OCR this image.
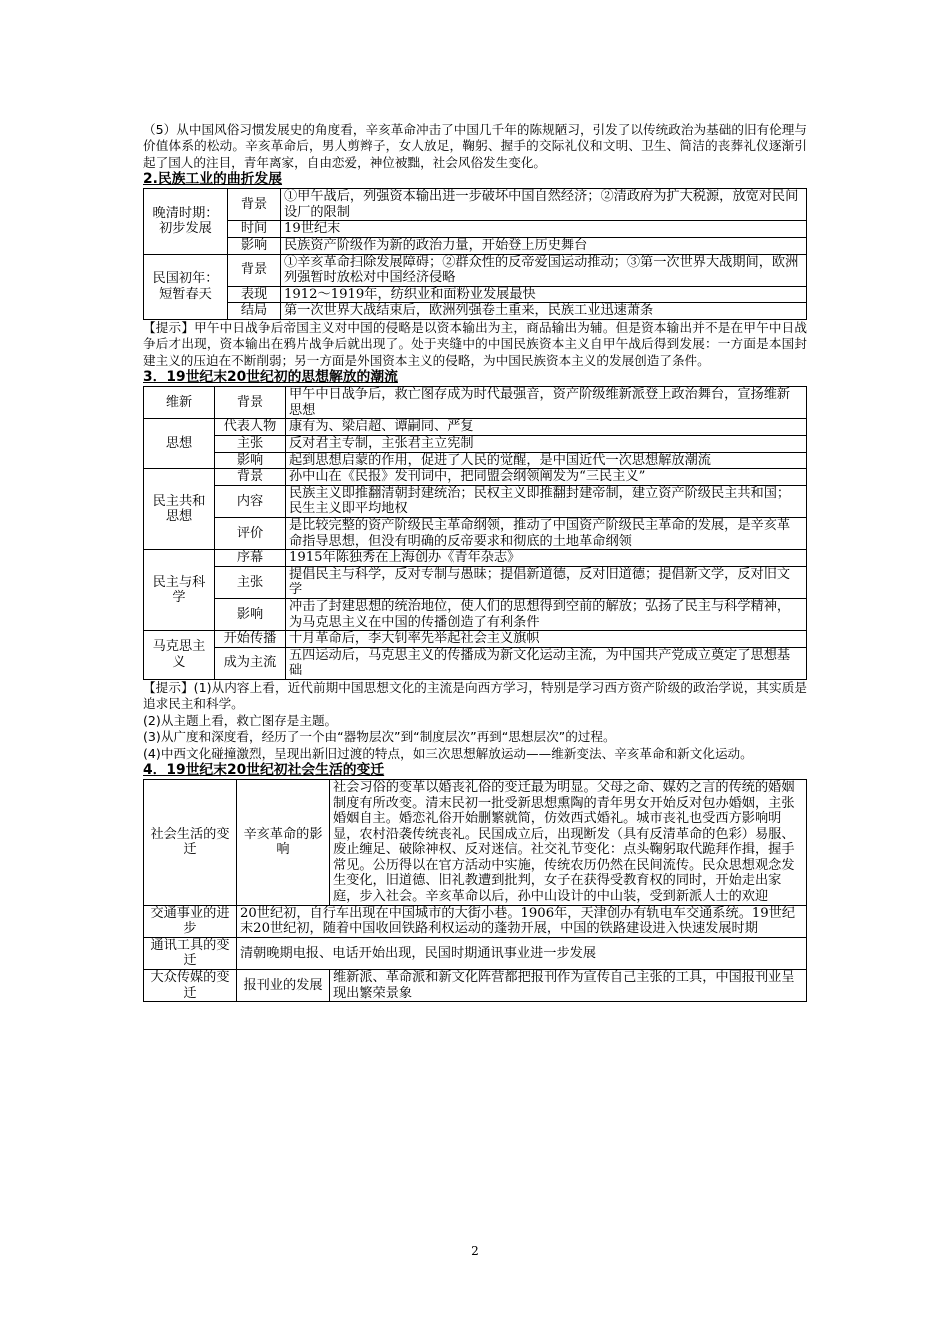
（5）从中国风俗习惯发展史的角度看，辛亥革命冲击了中国几千年的陈规陋习，引发了以传统政治为基础的旧有伦理与价值体系的松动。辛亥革命后，男人剪辫子，女人放足，鞠躬、握手的交际礼仪和文明、卫生、简洁的丧葬礼仪逐渐引起了国人的注目，青年离家，自由恋爱，神位被黜，社会风俗发生变化。

2.民族工业的曲折发展
晚清时期：初步发展	背景	①甲午战后，列强资本输出进一步破坏中国自然经济；②清政府为扩大税源，放宽对民间设厂的限制
	时间	19世纪末
	影响	民族资产阶级作为新的政治力量，开始登上历史舞台
民国初年：短暂春天	背景	①辛亥革命扫除发展障碍；②群众性的反帝爱国运动推动；③第一次世界大战期间，欧洲列强暂时放松对中国经济侵略
	表现	1912～1919年，纺织业和面粉业发展最快
	结局	第一次世界大战结束后，欧洲列强卷土重来，民族工业迅速萧条

【提示】甲午中日战争后帝国主义对中国的侵略是以资本输出为主，商品输出为辅。但是资本输出并不是在甲午中日战争后才出现，资本输出在鸦片战争后就出现了。处于夹缝中的中国民族资本主义自甲午战后得到发展：一方面是本国封建主义的压迫在不断削弱；另一方面是外国资本主义的侵略，为中国民族资本主义的发展创造了条件。

3．19世纪末20世纪初的思想解放的潮流
维新	背景	甲午中日战争后，救亡图存成为时代最强音，资产阶级维新派登上政治舞台，宣扬维新思想
思想	代表人物	康有为、梁启超、谭嗣同、严复
	主张	反对君主专制，主张君主立宪制
	影响	起到思想启蒙的作用，促进了人民的觉醒，是中国近代一次思想解放潮流
民主共和思想	背景	孙中山在《民报》发刊词中，把同盟会纲领阐发为“三民主义”
	内容	民族主义即推翻清朝封建统治；民权主义即推翻封建帝制，建立资产阶级民主共和国；民生主义即平均地权
	评价	是比较完整的资产阶级民主革命纲领，推动了中国资产阶级民主革命的发展，是辛亥革命指导思想，但没有明确的反帝要求和彻底的土地革命纲领
民主与科学	序幕	1915年陈独秀在上海创办《青年杂志》
	主张	提倡民主与科学，反对专制与愚昧；提倡新道德，反对旧道德；提倡新文学，反对旧文学
	影响	冲击了封建思想的统治地位，使人们的思想得到空前的解放；弘扬了民主与科学精神，为马克思主义在中国的传播创造了有利条件
马克思主义	开始传播	十月革命后，李大钊率先举起社会主义旗帜
	成为主流	五四运动后，马克思主义的传播成为新文化运动主流，为中国共产党成立奠定了思想基础

【提示】(1)从内容上看，近代前期中国思想文化的主流是向西方学习，特别是学习西方资产阶级的政治学说，其实质是追求民主和科学。

(2)从主题上看，救亡图存是主题。

(3)从广度和深度看，经历了一个由“器物层次”到“制度层次”再到“思想层次”的过程。

(4)中西文化碰撞激烈，呈现出新旧过渡的特点，如三次思想解放运动——维新变法、辛亥革命和新文化运动。

4．19世纪末20世纪初社会生活的变迁
社会生活的变迁	辛亥革命的影响	社会习俗的变革以婚丧礼俗的变迁最为明显。父母之命、媒妁之言的传统的婚姻制度有所改变。清末民初一批受新思想熏陶的青年男女开始反对包办婚姻，主张婚姻自主。婚恋礼俗开始删繁就简，仿效西式婚礼。城市丧礼也受西方影响明显，农村沿袭传统丧礼。民国成立后，出现断发（具有反清革命的色彩）易服、废止缠足、破除神权、反对迷信。社交礼节变化：点头鞠躬取代跪拜作揖，握手常见。公历得以在官方活动中实施，传统农历仍然在民间流传。民众思想观念发生变化，旧道德、旧礼教遭到批判，女子在获得受教育权的同时，开始走出家庭，步入社会。辛亥革命以后，孙中山设计的中山装，受到新派人士的欢迎
交通事业的进步	20世纪初，自行车出现在中国城市的大街小巷。1906年，天津创办有轨电车交通系统。19世纪末20世纪初，随着中国收回铁路利权运动的蓬勃开展，中国的铁路建设进入快速发展时期	
通讯工具的变迁	清朝晚期电报、电话开始出现，民国时期通讯事业进一步发展	
大众传媒的变迁	报刊业的发展	维新派、革命派和新文化阵营都把报刊作为宣传自己主张的工具，中国报刊业呈现出繁荣景象
2
